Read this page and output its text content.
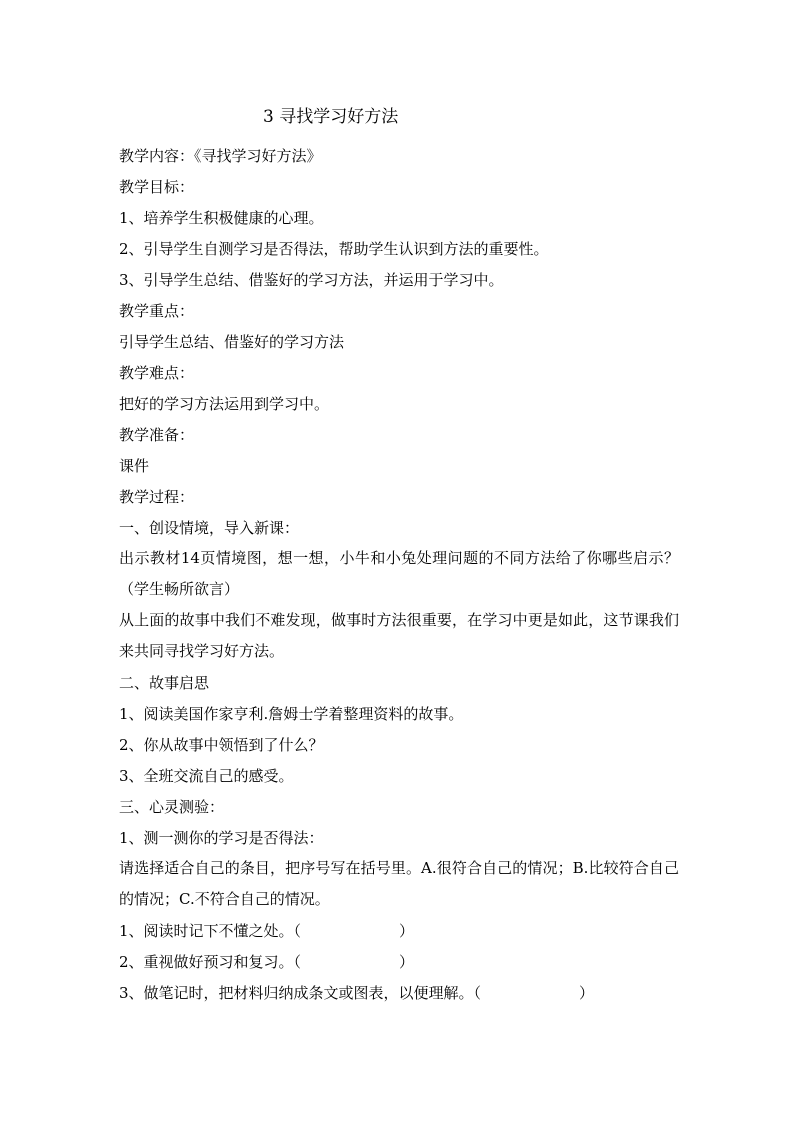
3 寻找学习好方法
教学内容：《寻找学习好方法》
教学目标：
1、培养学生积极健康的心理。
2、引导学生自测学习是否得法，帮助学生认识到方法的重要性。
3、引导学生总结、借鉴好的学习方法，并运用于学习中。
教学重点：
引导学生总结、借鉴好的学习方法
教学难点：
把好的学习方法运用到学习中。
教学准备：
课件
教学过程：
一、创设情境，导入新课：
出示教材14页情境图，想一想，小牛和小兔处理问题的不同方法给了你哪些启示？（学生畅所欲言）
从上面的故事中我们不难发现，做事时方法很重要，在学习中更是如此，这节课我们来共同寻找学习好方法。
二、故事启思
1、阅读美国作家亨利.詹姆士学着整理资料的故事。
2、你从故事中领悟到了什么？
3、全班交流自己的感受。
三、心灵测验：
1、测一测你的学习是否得法：
请选择适合自己的条目，把序号写在括号里。A.很符合自己的情况；B.比较符合自己的情况；C.不符合自己的情况。
1、阅读时记下不懂之处。（	）
2、重视做好预习和复习。（	）
3、做笔记时，把材料归纳成条文或图表，以便理解。（	）
